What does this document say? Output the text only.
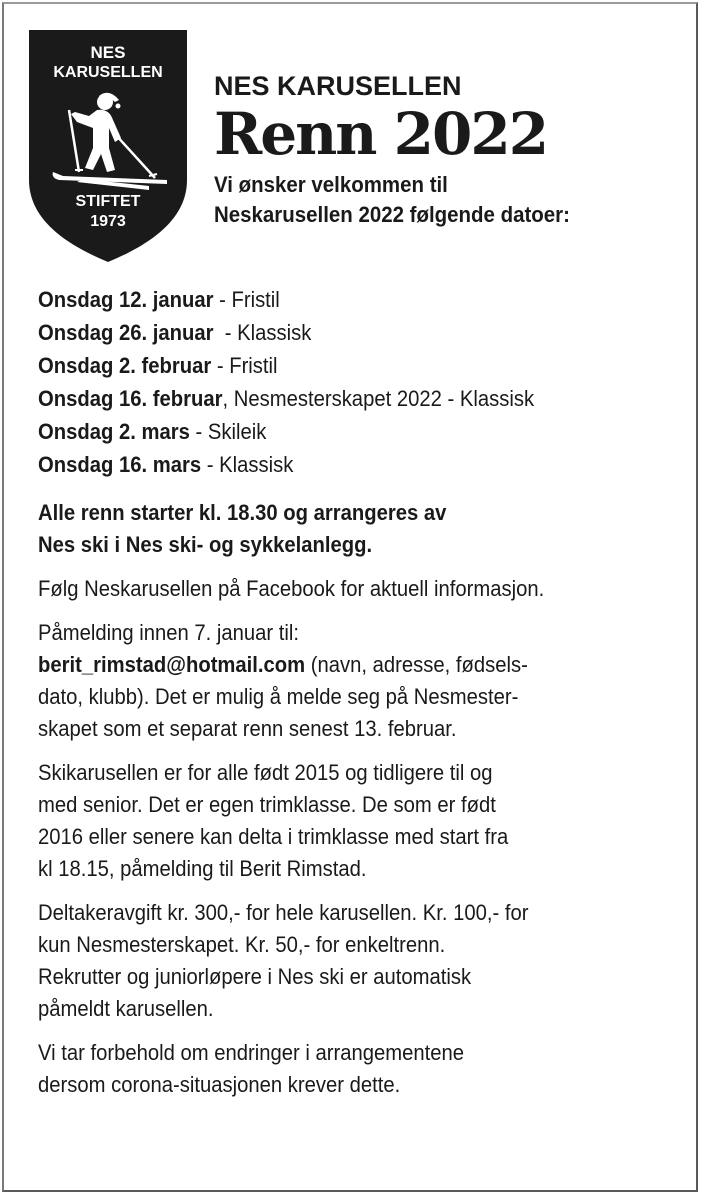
NES
KARUSELLEN
STIFTET
1973
NES KARUSELLEN
Renn 2022
Vi ønsker velkommen til
Neskarusellen 2022 følgende datoer:
Onsdag 12. januar - Fristil
Onsdag 26. januar  - Klassisk
Onsdag 2. februar - Fristil
Onsdag 16. februar, Nesmesterskapet 2022 - Klassisk
Onsdag 2. mars - Skileik
Onsdag 16. mars - Klassisk
Alle renn starter kl. 18.30 og arrangeres av
Nes ski i Nes ski- og sykkelanlegg.
Følg Neskarusellen på Facebook for aktuell informasjon.
Påmelding innen 7. januar til:
berit_rimstad@hotmail.com (navn, adresse, fødsels-
dato, klubb). Det er mulig å melde seg på Nesmester-
skapet som et separat renn senest 13. februar.
Skikarusellen er for alle født 2015 og tidligere til og
med senior. Det er egen trimklasse. De som er født
2016 eller senere kan delta i trimklasse med start fra
kl 18.15, påmelding til Berit Rimstad.
Deltakeravgift kr. 300,- for hele karusellen. Kr. 100,- for
kun Nesmesterskapet. Kr. 50,- for enkeltrenn.
Rekrutter og juniorløpere i Nes ski er automatisk
påmeldt karusellen.
Vi tar forbehold om endringer i arrangementene
dersom corona-situasjonen krever dette.
